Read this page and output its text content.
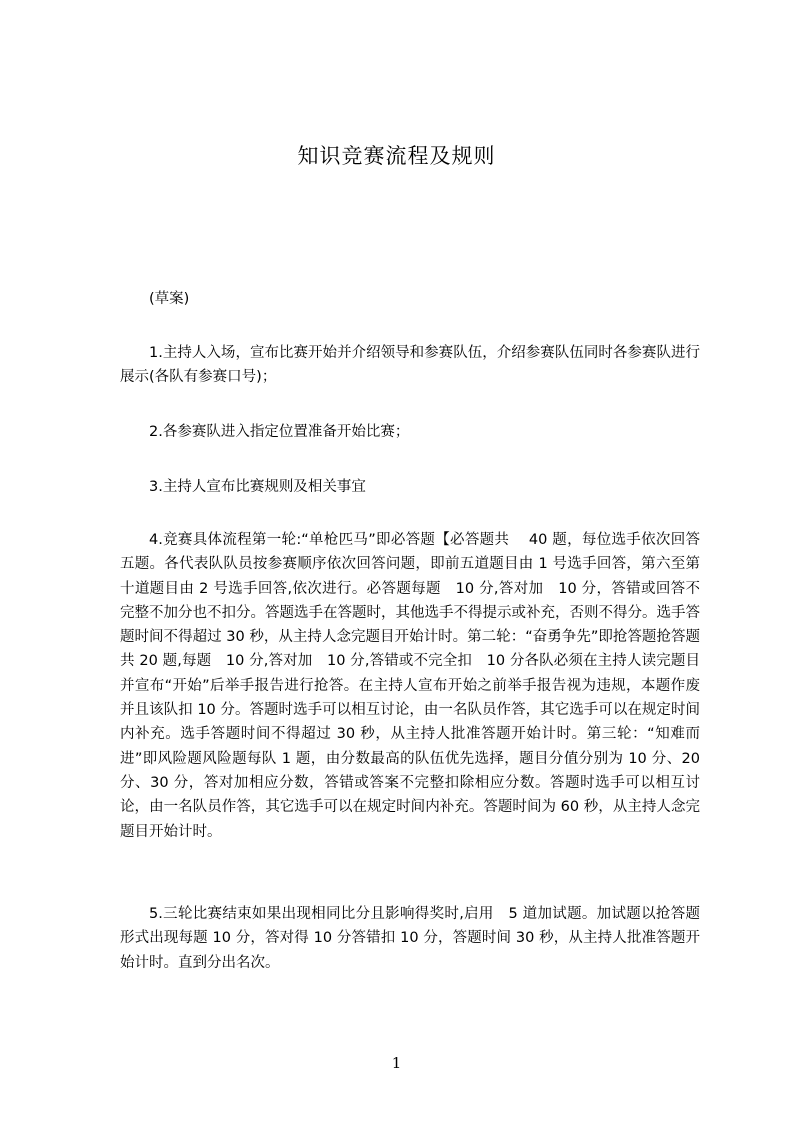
知识竞赛流程及规则

(草案)

1.主持人入场，宣布比赛开始并介绍领导和参赛队伍，介绍参赛队伍同时各参赛队进行展示(各队有参赛口号)；

2.各参赛队进入指定位置准备开始比赛；

3.主持人宣布比赛规则及相关事宜

4.竞赛具体流程第一轮:“单枪匹马”即必答题【必答题共　 40 题，每位选手依次回答五题。各代表队队员按参赛顺序依次回答问题，即前五道题目由 1 号选手回答，第六至第十道题目由 2 号选手回答,依次进行。必答题每题　10 分,答对加　10 分，答错或回答不完整不加分也不扣分。答题选手在答题时，其他选手不得提示或补充，否则不得分。选手答题时间不得超过 30 秒，从主持人念完题目开始计时。第二轮：“奋勇争先”即抢答题抢答题共 20 题,每题　10 分,答对加　10 分,答错或不完全扣　10 分各队必须在主持人读完题目并宣布“开始”后举手报告进行抢答。在主持人宣布开始之前举手报告视为违规，本题作废并且该队扣 10 分。答题时选手可以相互讨论，由一名队员作答，其它选手可以在规定时间内补充。选手答题时间不得超过 30 秒，从主持人批准答题开始计时。第三轮：“知难而进”即风险题风险题每队 1 题，由分数最高的队伍优先选择，题目分值分别为 10 分、20 分、30 分，答对加相应分数，答错或答案不完整扣除相应分数。答题时选手可以相互讨论，由一名队员作答，其它选手可以在规定时间内补充。答题时间为 60 秒，从主持人念完题目开始计时。

5.三轮比赛结束如果出现相同比分且影响得奖时,启用　5 道加试题。加试题以抢答题形式出现每题 10 分，答对得 10 分答错扣 10 分，答题时间 30 秒，从主持人批准答题开始计时。直到分出名次。

1
